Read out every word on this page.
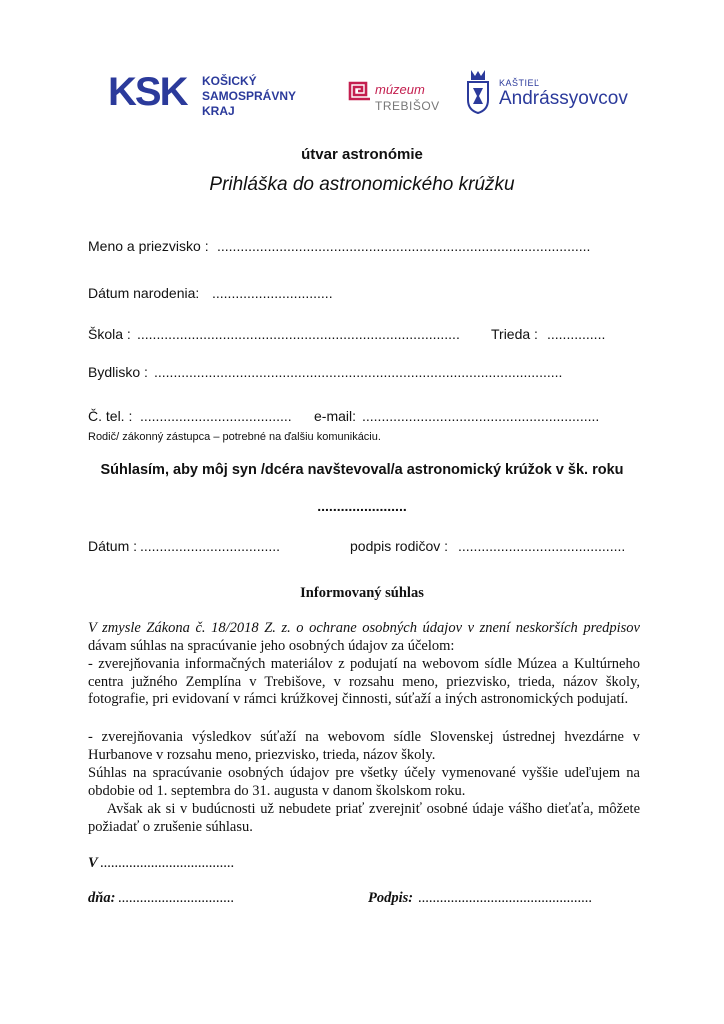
KSK KOŠICKÝ
SAMOSPRÁVNY
KRAJ
múzeum
TREBIŠOV
KAŠTIEĽ
Andrássyovcov
útvar astronómie
Prihláška do astronomického krúžku
Meno a priezvisko : ................................................................................................
Dátum narodenia: ...............................
Škola : ................................................................................... Trieda : ...............
Bydlisko : .........................................................................................................
Č. tel. : ....................................... e-mail: .............................................................
Rodič/ zákonný zástupca – potrebné na ďalšiu komunikáciu.
Súhlasím, aby môj syn /dcéra navštevoval/a astronomický krúžok v šk. roku
.......................
Dátum : ....................................	podpis rodičov : ...........................................
Informovaný súhlas
V zmysle Zákona č. 18/2018 Z. z. o ochrane osobných údajov v znení neskorších predpisov dávam súhlas na spracúvanie jeho osobných údajov za účelom:
- zverejňovania informačných materiálov z podujatí na webovom sídle Múzea a Kultúrneho centra južného Zemplína v Trebišove, v rozsahu meno, priezvisko, trieda, názov školy, fotografie, pri evidovaní v rámci krúžkovej činnosti, súťaží a iných astronomických podujatí.
- zverejňovania výsledkov súťaží na webovom sídle Slovenskej ústrednej hvezdárne v Hurbanove v rozsahu meno, priezvisko, trieda, názov školy.
Súhlas na spracúvanie osobných údajov pre všetky účely vymenované vyššie udeľujem na obdobie od 1. septembra do 31. augusta v danom školskom roku.
Avšak ak si v budúcnosti už nebudete priať zverejniť osobné údaje vášho dieťaťa, môžete požiadať o zrušenie súhlasu.
V .....................................
dňa: ................................	Podpis: ................................................
